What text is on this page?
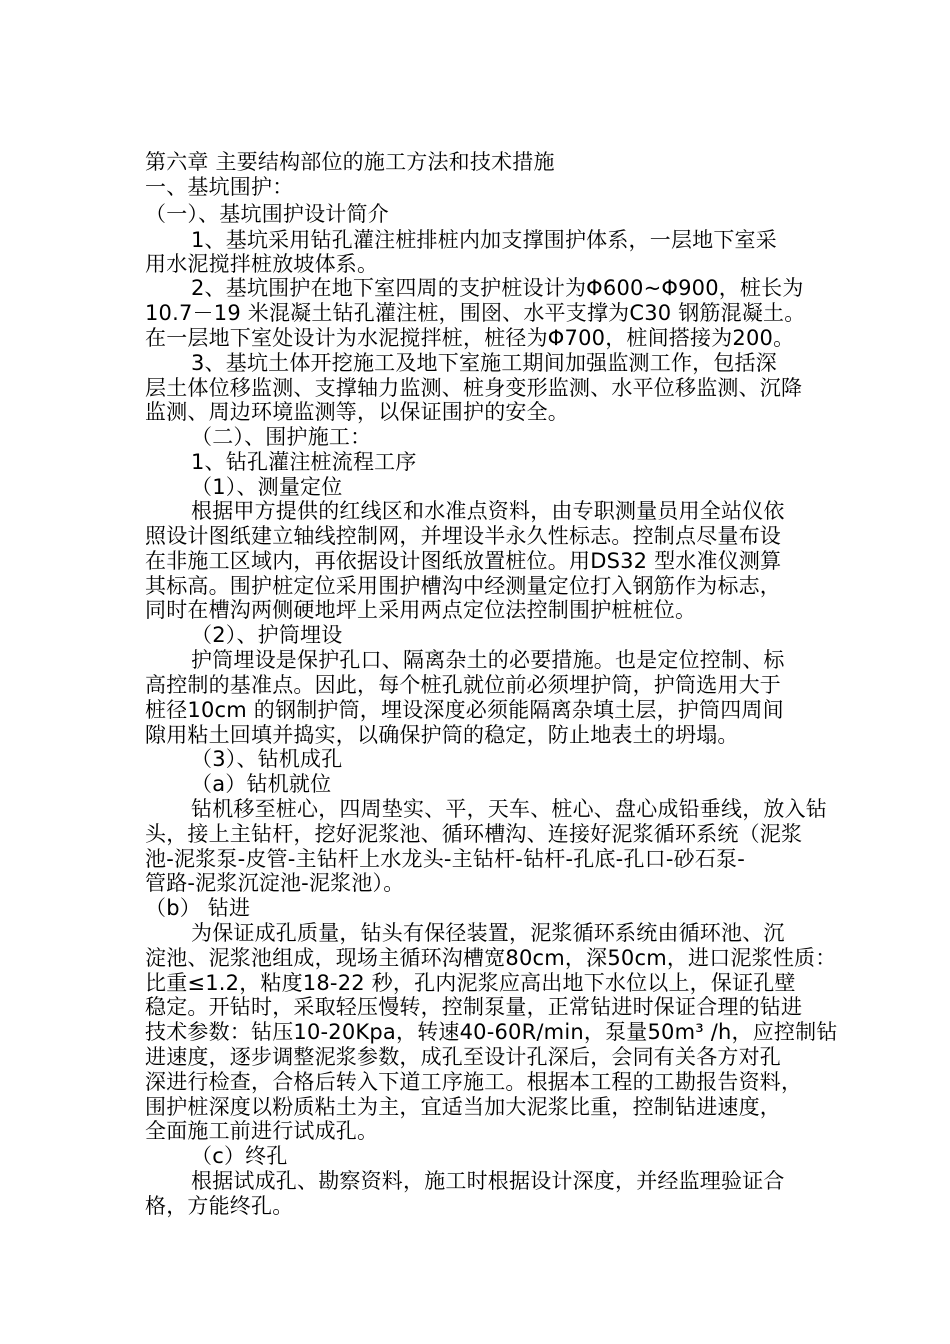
第六章 主要结构部位的施工方法和技术措施
一、基坑围护：
（一）、基坑围护设计简介
1、基坑采用钻孔灌注桩排桩内加支撑围护体系，一层地下室采
用水泥搅拌桩放坡体系。
2、基坑围护在地下室四周的支护桩设计为Φ600~Φ900，桩长为
10.7－19 米混凝土钻孔灌注桩，围囹、水平支撑为C30 钢筋混凝土。
在一层地下室处设计为水泥搅拌桩，桩径为Φ700，桩间搭接为200。
3、基坑土体开挖施工及地下室施工期间加强监测工作，包括深
层土体位移监测、支撑轴力监测、桩身变形监测、水平位移监测、沉降
监测、周边环境监测等，以保证围护的安全。
（二）、围护施工：
1、钻孔灌注桩流程工序
（1）、测量定位
根据甲方提供的红线区和水准点资料，由专职测量员用全站仪依
照设计图纸建立轴线控制网，并埋设半永久性标志。控制点尽量布设
在非施工区域内，再依据设计图纸放置桩位。用DS32 型水准仪测算
其标高。围护桩定位采用围护槽沟中经测量定位打入钢筋作为标志，
同时在槽沟两侧硬地坪上采用两点定位法控制围护桩桩位。
（2）、护筒埋设
护筒埋设是保护孔口、隔离杂土的必要措施。也是定位控制、标
高控制的基准点。因此，每个桩孔就位前必须埋护筒，护筒选用大于
桩径10cm 的钢制护筒，埋设深度必须能隔离杂填土层，护筒四周间
隙用粘土回填并捣实，以确保护筒的稳定，防止地表土的坍塌。
（3）、钻机成孔
（a）钻机就位
钻机移至桩心，四周垫实、平，天车、桩心、盘心成铅垂线，放入钻
头，接上主钻杆，挖好泥浆池、循环槽沟、连接好泥浆循环系统（泥浆
池-泥浆泵-皮管-主钻杆上水龙头-主钻杆-钻杆-孔底-孔口-砂石泵-
管路-泥浆沉淀池-泥浆池）。
（b） 钻进
为保证成孔质量，钻头有保径装置，泥浆循环系统由循环池、沉
淀池、泥浆池组成，现场主循环沟槽宽80cm，深50cm，进口泥浆性质：
比重≤1.2，粘度18-22 秒，孔内泥浆应高出地下水位以上，保证孔壁
稳定。开钻时，采取轻压慢转，控制泵量，正常钻进时保证合理的钻进
技术参数：钻压10-20Kpa，转速40-60R/min，泵量50m³ /h，应控制钻
进速度，逐步调整泥浆参数，成孔至设计孔深后，会同有关各方对孔
深进行检查，合格后转入下道工序施工。根据本工程的工勘报告资料，
围护桩深度以粉质粘土为主，宜适当加大泥浆比重，控制钻进速度，
全面施工前进行试成孔。
（c）终孔
根据试成孔、勘察资料，施工时根据设计深度，并经监理验证合
格，方能终孔。
